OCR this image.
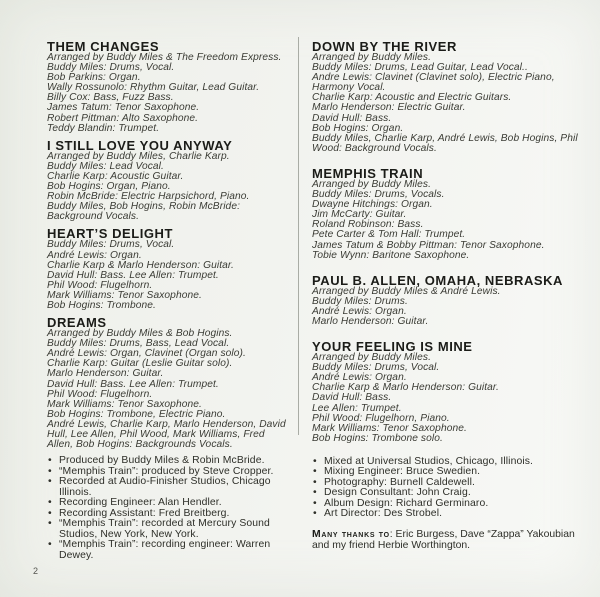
THEM CHANGES
Arranged by Buddy Miles & The Freedom Express.
Buddy Miles: Drums, Vocal.
Bob Parkins: Organ.
Wally Rossunolo: Rhythm Guitar, Lead Guitar.
Billy Cox: Bass, Fuzz Bass.
James Tatum: Tenor Saxophone.
Robert Pittman: Alto Saxophone.
Teddy Blandin: Trumpet.
I STILL LOVE YOU ANYWAY
Arranged by Buddy Miles, Charlie Karp.
Buddy Miles: Lead Vocal.
Charlie Karp: Acoustic Guitar.
Bob Hogins: Organ, Piano.
Robin McBride: Electric Harpsichord, Piano.
Buddy Miles, Bob Hogins, Robin McBride: Background Vocals.
HEART’S DELIGHT
Buddy Miles: Drums, Vocal.
André Lewis: Organ.
Charlie Karp & Marlo Henderson: Guitar.
David Hull: Bass. Lee Allen: Trumpet.
Phil Wood: Flugelhorn.
Mark Williams: Tenor Saxophone.
Bob Hogins: Trombone.
DREAMS
Arranged by Buddy Miles & Bob Hogins.
Buddy Miles: Drums, Bass, Lead Vocal.
André Lewis: Organ, Clavinet (Organ solo).
Charlie Karp: Guitar (Leslie Guitar solo).
Marlo Henderson: Guitar.
David Hull: Bass. Lee Allen: Trumpet.
Phil Wood: Flugelhorn.
Mark Williams: Tenor Saxophone.
Bob Hogins: Trombone, Electric Piano.
André Lewis, Charlie Karp, Marlo Henderson, David Hull, Lee Allen, Phil Wood, Mark Williams, Fred Allen, Bob Hogins: Backgrounds Vocals.
• Produced by Buddy Miles & Robin McBride.
• “Memphis Train”: produced by Steve Cropper.
• Recorded at Audio-Finisher Studios, Chicago Illinois.
• Recording Engineer: Alan Hendler.
• Recording Assistant: Fred Breitberg.
• “Memphis Train”: recorded at Mercury Sound Studios, New York, New York.
• “Memphis Train”: recording engineer: Warren Dewey.
DOWN BY THE RIVER
Arranged by Buddy Miles.
Buddy Miles: Drums, Lead Guitar, Lead Vocal..
Andre Lewis: Clavinet (Clavinet solo), Electric Piano, Harmony Vocal.
Charlie Karp: Acoustic and Electric Guitars.
Marlo Henderson: Electric Guitar.
David Hull: Bass.
Bob Hogins: Organ.
Buddy Miles, Charlie Karp, André Lewis, Bob Hogins, Phil Wood: Background Vocals.
MEMPHIS TRAIN
Arranged by Buddy Miles.
Buddy Miles: Drums, Vocals.
Dwayne Hitchings: Organ.
Jim McCarty: Guitar.
Roland Robinson: Bass.
Pete Carter & Tom Hall: Trumpet.
James Tatum & Bobby Pittman: Tenor Saxophone.
Tobie Wynn: Baritone Saxophone.
PAUL B. ALLEN, OMAHA, NEBRASKA
Arranged by Buddy Miles & André Lewis.
Buddy Miles: Drums.
André Lewis: Organ.
Marlo Henderson: Guitar.
YOUR FEELING IS MINE
Arranged by Buddy Miles.
Buddy Miles: Drums, Vocal.
André Lewis: Organ.
Charlie Karp & Marlo Henderson: Guitar.
David Hull: Bass.
Lee Allen: Trumpet.
Phil Wood: Flugelhorn, Piano.
Mark Williams: Tenor Saxophone.
Bob Hogins: Trombone solo.
• Mixed at Universal Studios, Chicago, Illinois.
• Mixing Engineer: Bruce Swedien.
• Photography: Burnell Caldewell.
• Design Consultant: John Craig.
• Album Design: Richard Germinaro.
• Art Director: Des Strobel.

Many thanks to: Eric Burgess, Dave “Zappa” Yakoubian and my friend Herbie Worthington.

2
